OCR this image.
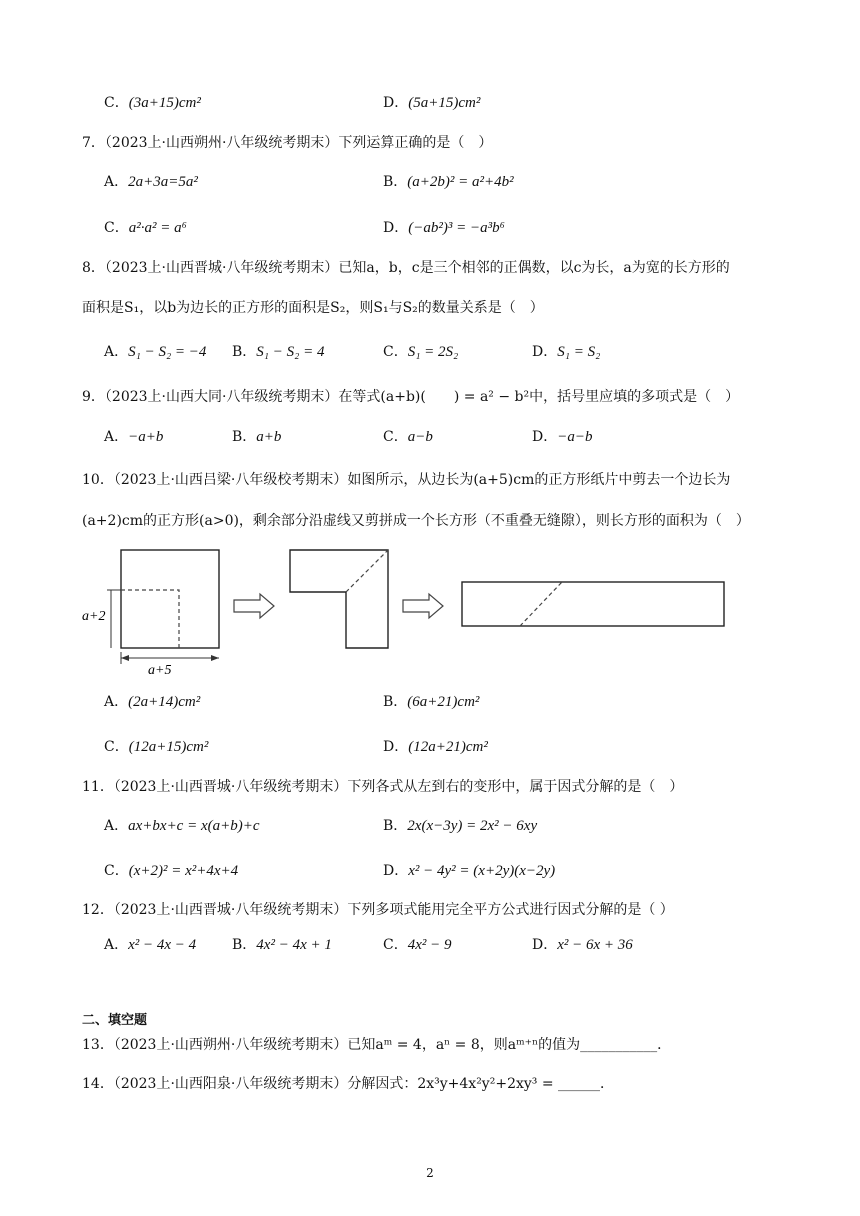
C．(3a+15)cm²	D．(5a+15)cm²
7．（2023上·山西朔州·八年级统考期末）下列运算正确的是（　）
A．2a+3a=5a²	B．(a+2b)² = a²+4b²
C．a²·a² = a⁶	D．(−ab²)³ = −a³b⁶
8．（2023上·山西晋城·八年级统考期末）已知a，b，c是三个相邻的正偶数，以c为长，a为宽的长方形的
面积是S₁，以b为边长的正方形的面积是S₂，则S₁与S₂的数量关系是（　）
A．S₁ − S₂ = −4 B．S₁ − S₂ = 4	C．S₁ = 2S₂	D．S₁ = S₂
9．（2023上·山西大同·八年级统考期末）在等式(a+b)(　　) = a² − b²中，括号里应填的多项式是（　）
A．−a+b	B．a+b	C．a−b	D．−a−b
10．（2023上·山西吕梁·八年级校考期末）如图所示，从边长为(a+5)cm的正方形纸片中剪去一个边长为
(a+2)cm的正方形(a>0)，剩余部分沿虚线又剪拼成一个长方形（不重叠无缝隙），则长方形的面积为（　）
a+2
a+5
A．(2a+14)cm²	B．(6a+21)cm²
C．(12a+15)cm²	D．(12a+21)cm²
11．（2023上·山西晋城·八年级统考期末）下列各式从左到右的变形中，属于因式分解的是（　）
A．ax+bx+c = x(a+b)+c	B．2x(x−3y) = 2x² − 6xy
C．(x+2)² = x²+4x+4	D．x² − 4y² = (x+2y)(x−2y)
12．（2023上·山西晋城·八年级统考期末）下列多项式能用完全平方公式进行因式分解的是（ ）
A．x² − 4x − 4	B．4x² − 4x + 1	C．4x² − 9	D．x² − 6x + 36
二、填空题
13．（2023上·山西朔州·八年级统考期末）已知aᵐ = 4，aⁿ = 8，则aᵐ⁺ⁿ的值为___________．
14．（2023上·山西阳泉·八年级统考期末）分解因式：2x³y+4x²y²+2xy³ = ______．
2
